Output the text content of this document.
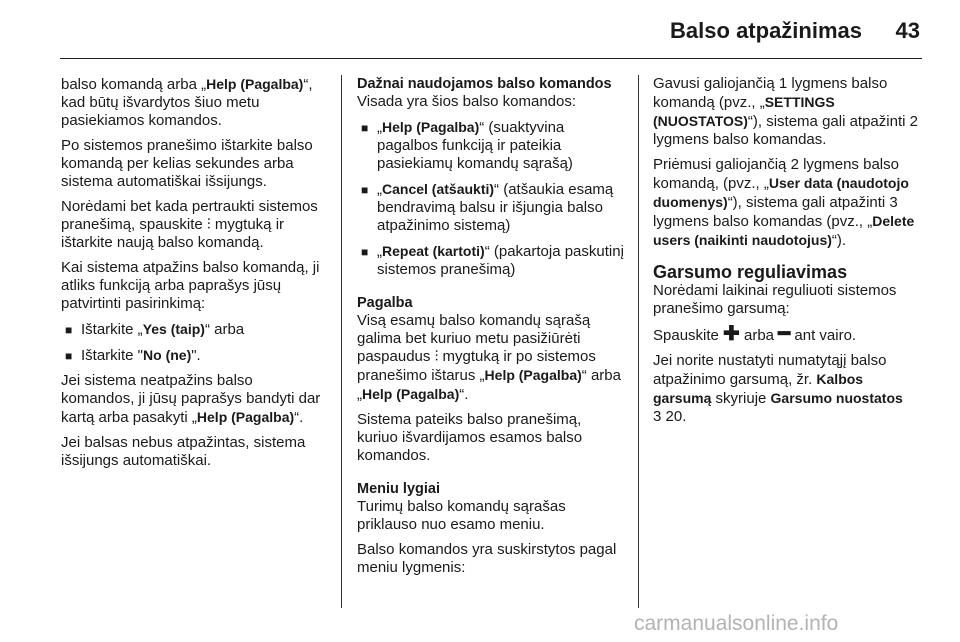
Balso atpažinimas 43

balso komandą arba „Help (Pagalba)“, kad būtų išvardytos šiuo metu pasiekiamos komandos.

Po sistemos pranešimo ištarkite balso komandą per kelias sekundes arba sistema automatiškai išsijungs.

Norėdami bet kada pertraukti sistemos pranešimą, spauskite ⫶ mygtuką ir ištarkite naują balso komandą.

Kai sistema atpažins balso komandą, ji atliks funkciją arba paprašys jūsų patvirtinti pasirinkimą:

■ Ištarkite „Yes (taip)“ arba
■ Ištarkite "No (ne)".

Jei sistema neatpažins balso komandos, ji jūsų paprašys bandyti dar kartą arba pasakyti „Help (Pagalba)“.

Jei balsas nebus atpažintas, sistema išsijungs automatiškai.

Dažnai naudojamos balso komandos

Visada yra šios balso komandos:

■ „Help (Pagalba)“ (suaktyvina pagalbos funkciją ir pateikia pasiekiamų komandų sąrašą)
■ „Cancel (atšaukti)“ (atšaukia esamą bendravimą balsu ir išjungia balso atpažinimo sistemą)
■ „Repeat (kartoti)“ (pakartoja paskutinį sistemos pranešimą)
Pagalba

Visą esamų balso komandų sąrašą galima bet kuriuo metu pasižiūrėti paspaudus ⫶ mygtuką ir po sistemos pranešimo ištarus „Help (Pagalba)“ arba „Help (Pagalba)“.

Sistema pateiks balso pranešimą, kuriuo išvardijamos esamos balso komandos.

Meniu lygiai

Turimų balso komandų sąrašas priklauso nuo esamo meniu.

Balso komandos yra suskirstytos pagal meniu lygmenis:

Gavusi galiojančią 1 lygmens balso komandą (pvz., „SETTINGS (NUOSTATOS)“), sistema gali atpažinti 2 lygmens balso komandas.

Priėmusi galiojančią 2 lygmens balso komandą, (pvz., „User data (naudotojo duomenys)“), sistema gali atpažinti 3 lygmens balso komandas (pvz., „Delete users (naikinti naudotojus)“).

Garsumo reguliavimas

Norėdami laikinai reguliuoti sistemos pranešimo garsumą:

Spauskite ✚ arba ━ ant vairo.

Jei norite nustatyti numatytąjį balso atpažinimo garsumą, žr. Kalbos garsumą skyriuje Garsumo nuostatos
3 20.

carmanualsonline.info
